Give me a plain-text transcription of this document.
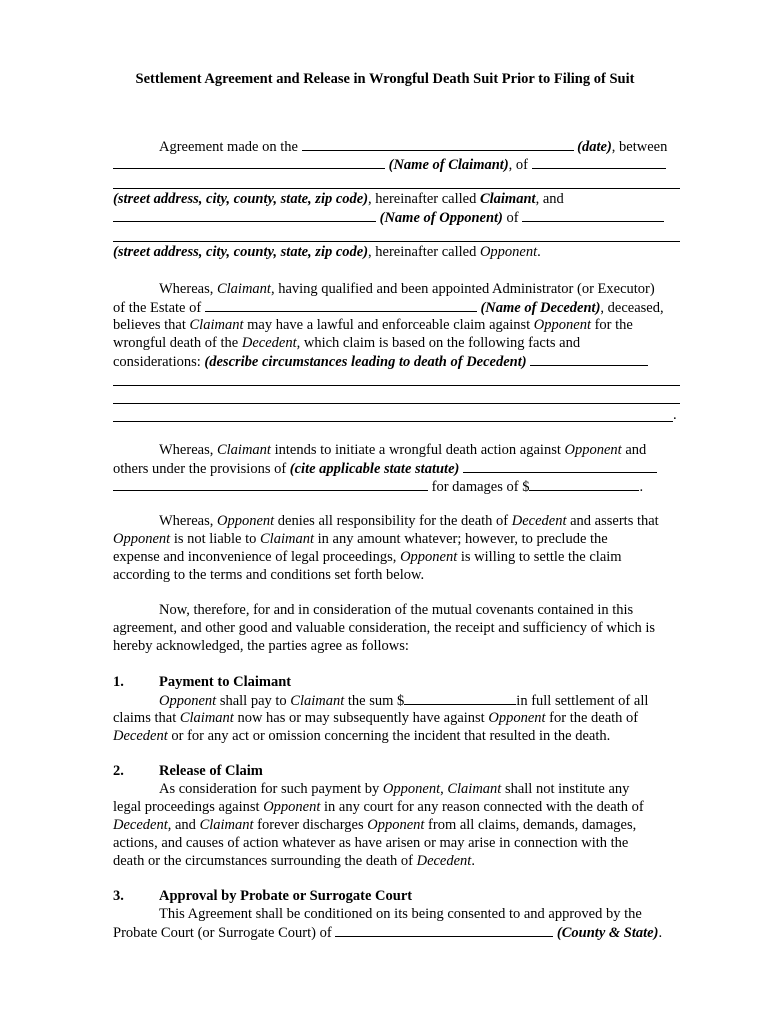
Settlement Agreement and Release in Wrongful Death Suit Prior to Filing of Suit
Agreement made on the	(date), between
(Name of Claimant), of
(street address, city, county, state, zip code), hereinafter called Claimant, and
(Name of Opponent) of
(street address, city, county, state, zip code), hereinafter called Opponent.
Whereas, Claimant, having qualified and been appointed Administrator (or Executor)
of the Estate of	(Name of Decedent), deceased,
believes that Claimant may have a lawful and enforceable claim against Opponent for the
wrongful death of the Decedent, which claim is based on the following facts and
considerations: (describe circumstances leading to death of Decedent)
.
Whereas, Claimant intends to initiate a wrongful death action against Opponent and
others under the provisions of (cite applicable state statute)
for damages of $	.
Whereas, Opponent denies all responsibility for the death of Decedent and asserts that
Opponent is not liable to Claimant in any amount whatever; however, to preclude the
expense and inconvenience of legal proceedings, Opponent is willing to settle the claim
according to the terms and conditions set forth below.
Now, therefore, for and in consideration of the mutual covenants contained in this
agreement, and other good and valuable consideration, the receipt and sufficiency of which is
hereby acknowledged, the parties agree as follows:
1. Payment to Claimant
Opponent shall pay to Claimant the sum $	in full settlement of all
claims that Claimant now has or may subsequently have against Opponent for the death of
Decedent or for any act or omission concerning the incident that resulted in the death.
2. Release of Claim
As consideration for such payment by Opponent, Claimant shall not institute any
legal proceedings against Opponent in any court for any reason connected with the death of
Decedent, and Claimant forever discharges Opponent from all claims, demands, damages,
actions, and causes of action whatever as have arisen or may arise in connection with the
death or the circumstances surrounding the death of Decedent.
3. Approval by Probate or Surrogate Court
This Agreement shall be conditioned on its being consented to and approved by the
Probate Court (or Surrogate Court) of	(County & State).
